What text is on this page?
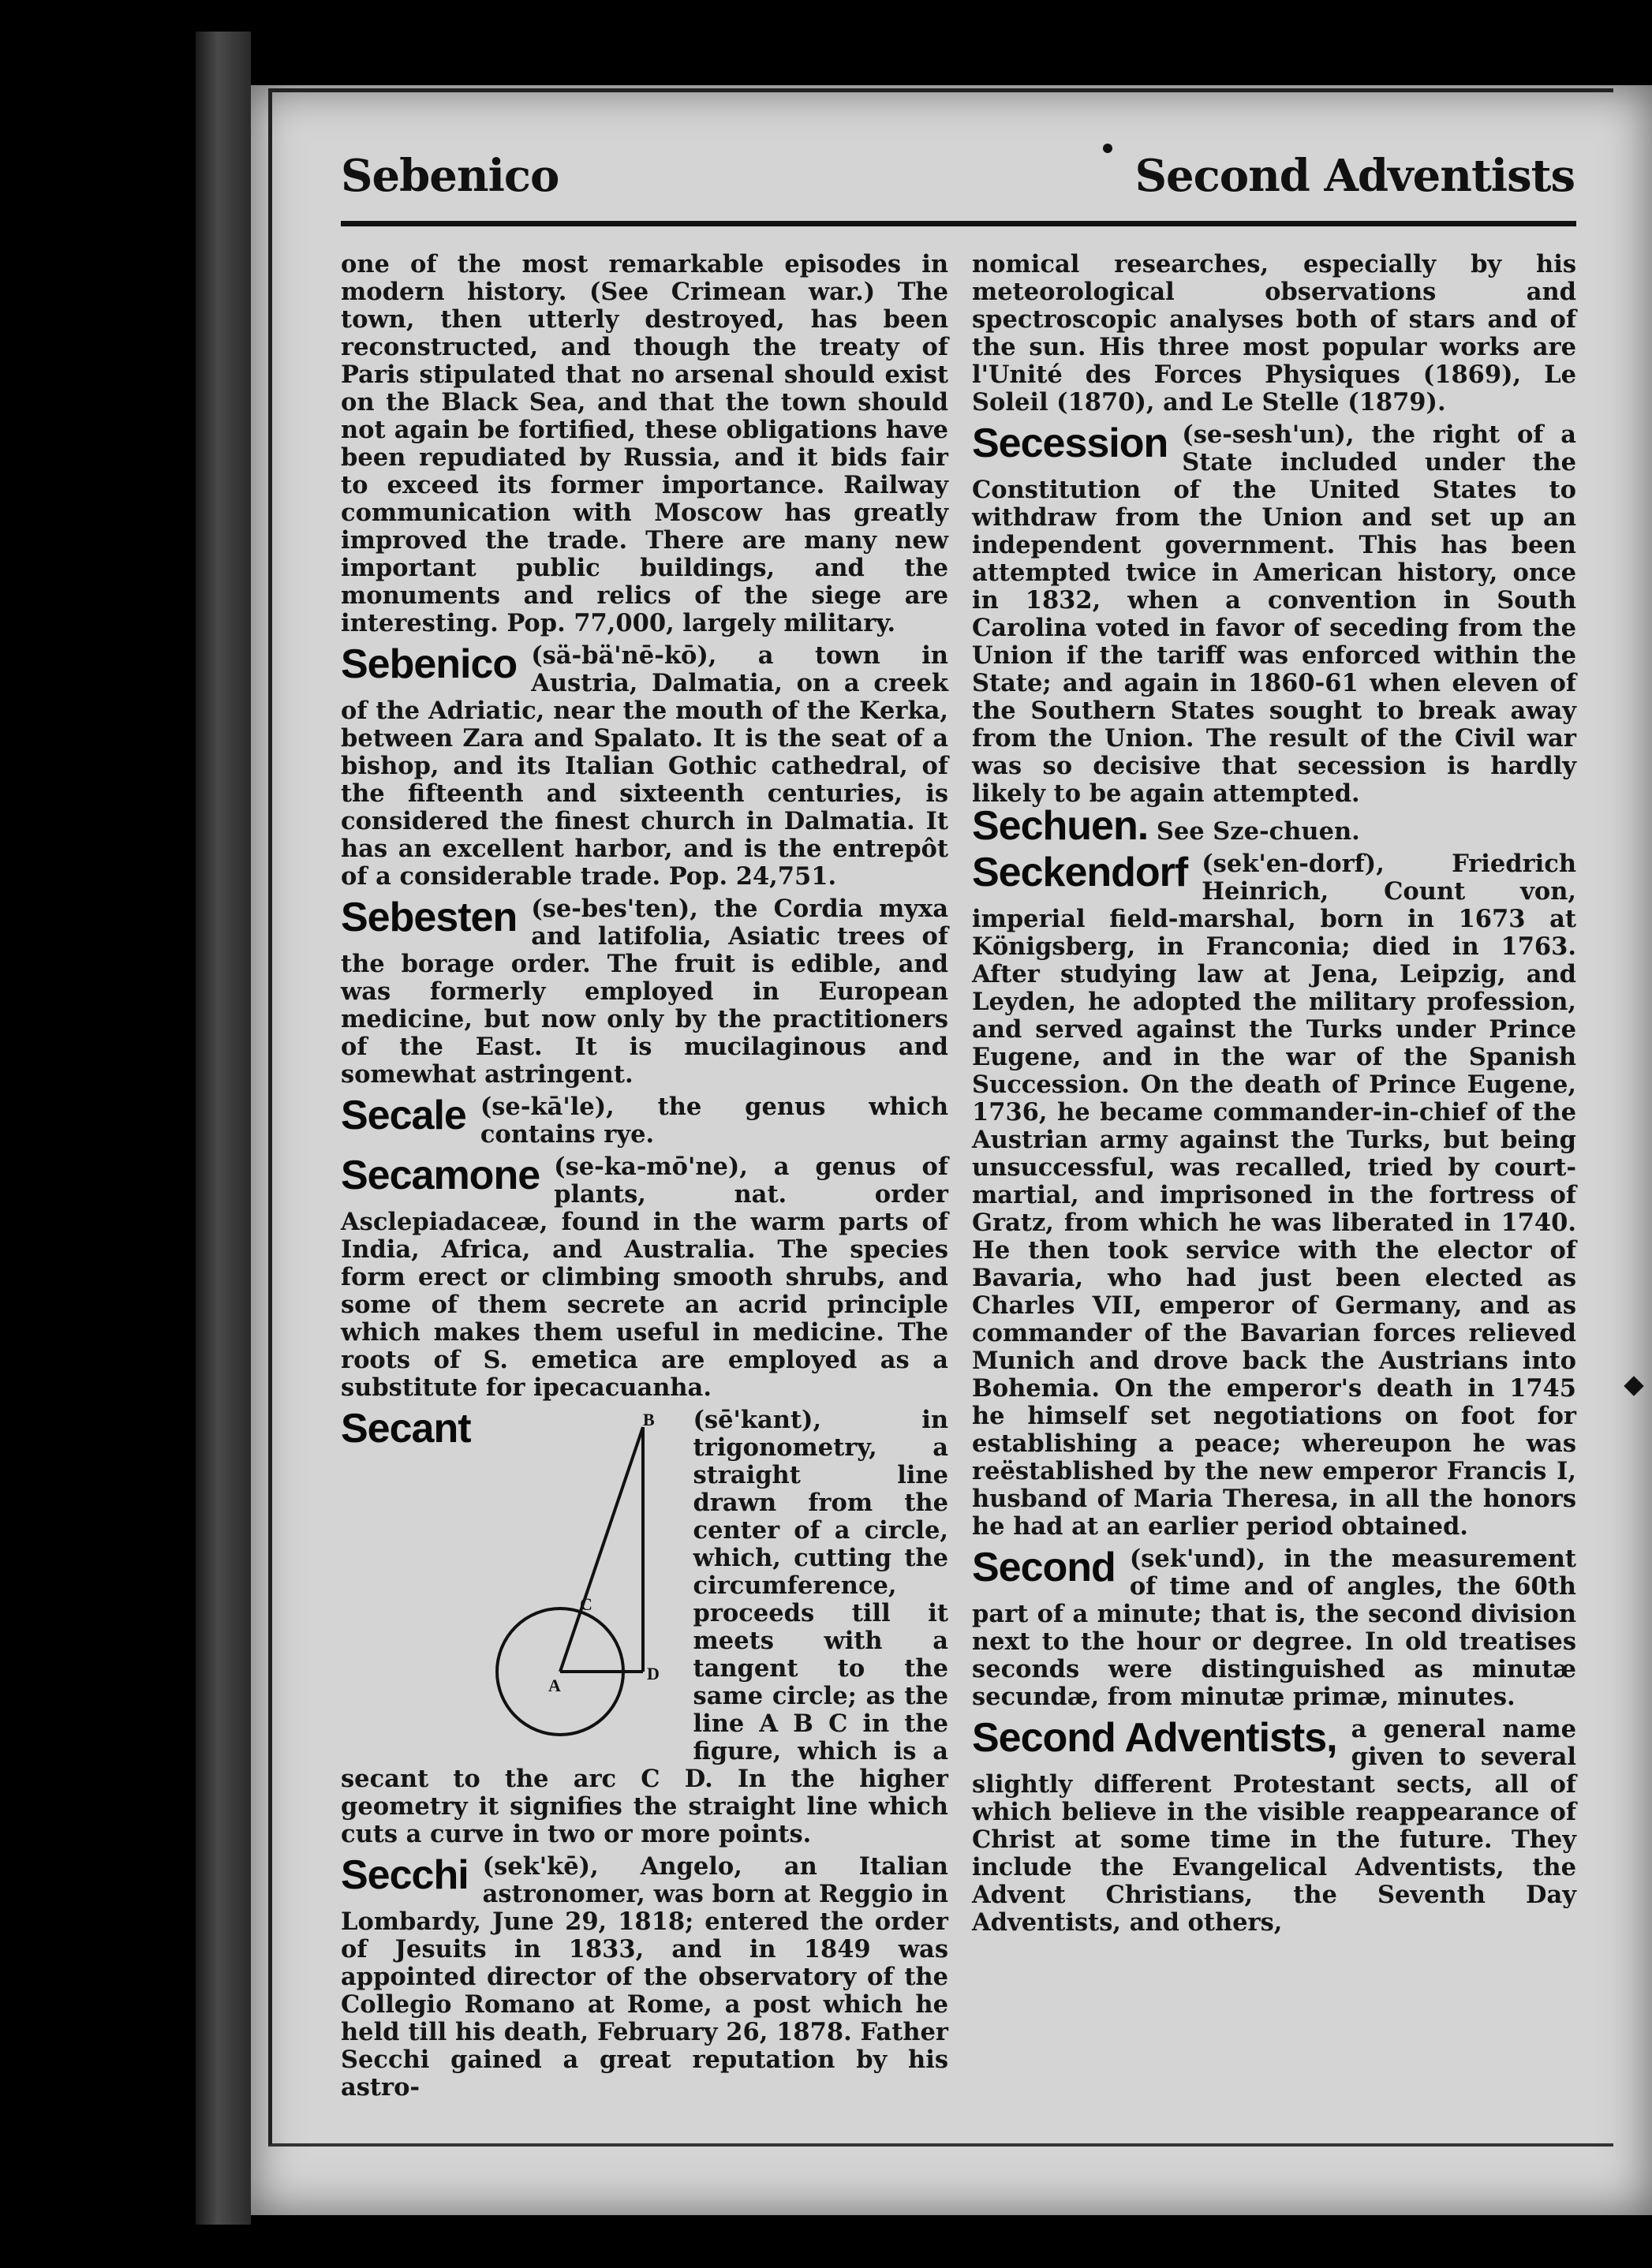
Sebenico	Second Adventists

one of the most remarkable episodes in modern history. (See Crimean war.) The town, then utterly destroyed, has been reconstructed, and though the treaty of Paris stipulated that no arsenal should exist on the Black Sea, and that the town should not again be fortified, these obligations have been repudiated by Russia, and it bids fair to exceed its former importance. Railway communication with Moscow has greatly improved the trade. There are many new important public buildings, and the monuments and relics of the siege are interesting. Pop. 77,000, largely military.

Sebenico (sä-bä'nē-kō), a town in Austria, Dalmatia, on a creek of the Adriatic, near the mouth of the Kerka, between Zara and Spalato. It is the seat of a bishop, and its Italian Gothic cathedral, of the fifteenth and sixteenth centuries, is considered the finest church in Dalmatia. It has an excellent harbor, and is the entrepôt of a considerable trade. Pop. 24,751.

Sebesten (se-bes'ten), the Cordia myxa and latifolia, Asiatic trees of the borage order. The fruit is edible, and was formerly employed in European medicine, but now only by the practitioners of the East. It is mucilaginous and somewhat astringent.

Secale (se-kā'le), the genus which contains rye.

Secamone (se-ka-mō'ne), a genus of plants, nat. order Asclepiadaceæ, found in the warm parts of India, Africa, and Australia. The species form erect or climbing smooth shrubs, and some of them secrete an acrid principle which makes them useful in medicine. The roots of S. emetica are employed as a substitute for ipecacuanha.

Secant	B
C
D
A
(sē'kant), in trigonometry, a straight line drawn from the center of a circle, which, cutting the circumference, proceeds till it meets with a tangent to the same circle; as the line A B C in the figure, which is a secant to the arc C D. In the higher geometry it signifies the straight line which cuts a curve in two or more points.

Secchi (sek'kē), Angelo, an Italian astronomer, was born at Reggio in Lombardy, June 29, 1818; entered the order of Jesuits in 1833, and in 1849 was appointed director of the observatory of the Collegio Romano at Rome, a post which he held till his death, February 26, 1878. Father Secchi gained a great reputation by his astro-

nomical researches, especially by his meteorological observations and spectroscopic analyses both of stars and of the sun. His three most popular works are l'Unité des Forces Physiques (1869), Le Soleil (1870), and Le Stelle (1879).

Secession (se-sesh'un), the right of a State included under the Constitution of the United States to withdraw from the Union and set up an independent government. This has been attempted twice in American history, once in 1832, when a convention in South Carolina voted in favor of seceding from the Union if the tariff was enforced within the State; and again in 1860-61 when eleven of the Southern States sought to break away from the Union. The result of the Civil war was so decisive that secession is hardly likely to be again attempted.

Sechuen. See Sze-chuen.

Seckendorf (sek'en-dorf), Friedrich Heinrich, Count von, imperial field-marshal, born in 1673 at Königsberg, in Franconia; died in 1763. After studying law at Jena, Leipzig, and Leyden, he adopted the military profession, and served against the Turks under Prince Eugene, and in the war of the Spanish Succession. On the death of Prince Eugene, 1736, he became commander-in-chief of the Austrian army against the Turks, but being unsuccessful, was recalled, tried by court-martial, and imprisoned in the fortress of Gratz, from which he was liberated in 1740. He then took service with the elector of Bavaria, who had just been elected as Charles VII, emperor of Germany, and as commander of the Bavarian forces relieved Munich and drove back the Austrians into Bohemia. On the emperor's death in 1745 he himself set negotiations on foot for establishing a peace; whereupon he was reëstablished by the new emperor Francis I, husband of Maria Theresa, in all the honors he had at an earlier period obtained.

Second (sek'und), in the measurement of time and of angles, the 60th part of a minute; that is, the second division next to the hour or degree. In old treatises seconds were distinguished as minutæ secundæ, from minutæ primæ, minutes.

Second Adventists, a general name given to several slightly different Protestant sects, all of which believe in the visible reappearance of Christ at some time in the future. They include the Evangelical Adventists, the Advent Christians, the Seventh Day Adventists, and others,
